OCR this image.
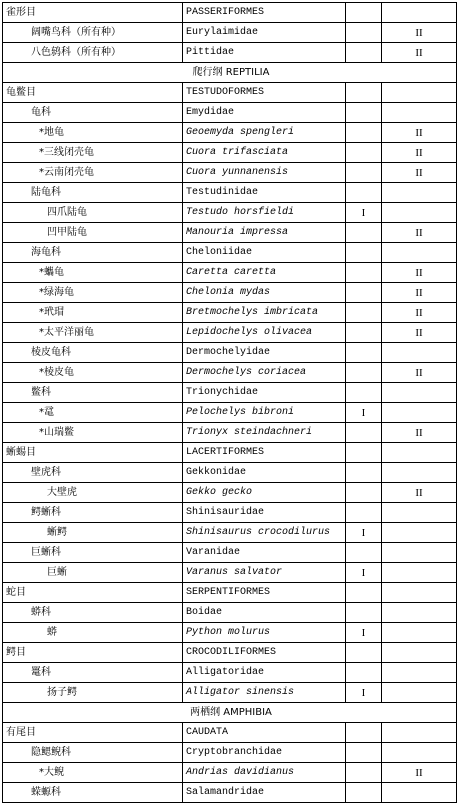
雀形目	PASSERIFORMES		
阔嘴鸟科（所有种）	Eurylaimidae		II
八色鸫科（所有种）	Pittidae		II
爬行纲 REPTILIA			
龟鳖目	TESTUDOFORMES		
龟科	Emydidae		
*地龟	Geoemyda spengleri		II
*三线闭壳龟	Cuora trifasciata		II
*云南闭壳龟	Cuora yunnanensis		II
陆龟科	Testudinidae		
四爪陆龟	Testudo horsfieldi	I	
凹甲陆龟	Manouria impressa		II
海龟科	Cheloniidae		
*蠵龟	Caretta caretta		II
*绿海龟	Chelonia mydas		II
*玳瑁	Bretmochelys imbricata		II
*太平洋丽龟	Lepidochelys olivacea		II
棱皮龟科	Dermochelyidae		
*棱皮龟	Dermochelys coriacea		II
鳖科	Trionychidae		
*鼋	Pelochelys bibroni	I	
*山瑞鳖	Trionyx steindachneri		II
蜥蜴目	LACERTIFORMES		
壁虎科	Gekkonidae		
大壁虎	Gekko gecko		II
鳄蜥科	Shinisauridae		
蜥鳄	Shinisaurus crocodilurus	I	
巨蜥科	Varanidae		
巨蜥	Varanus salvator	I	
蛇目	SERPENTIFORMES		
蟒科	Boidae		
蟒	Python molurus	I	
鳄目	CROCODILIFORMES		
鼍科	Alligatoridae		
扬子鳄	Alligator sinensis	I	
两栖纲 AMPHIBIA			
有尾目	CAUDATA		
隐鳃鲵科	Cryptobranchidae		
*大鲵	Andrias davidianus		II
蝾螈科	Salamandridae		
